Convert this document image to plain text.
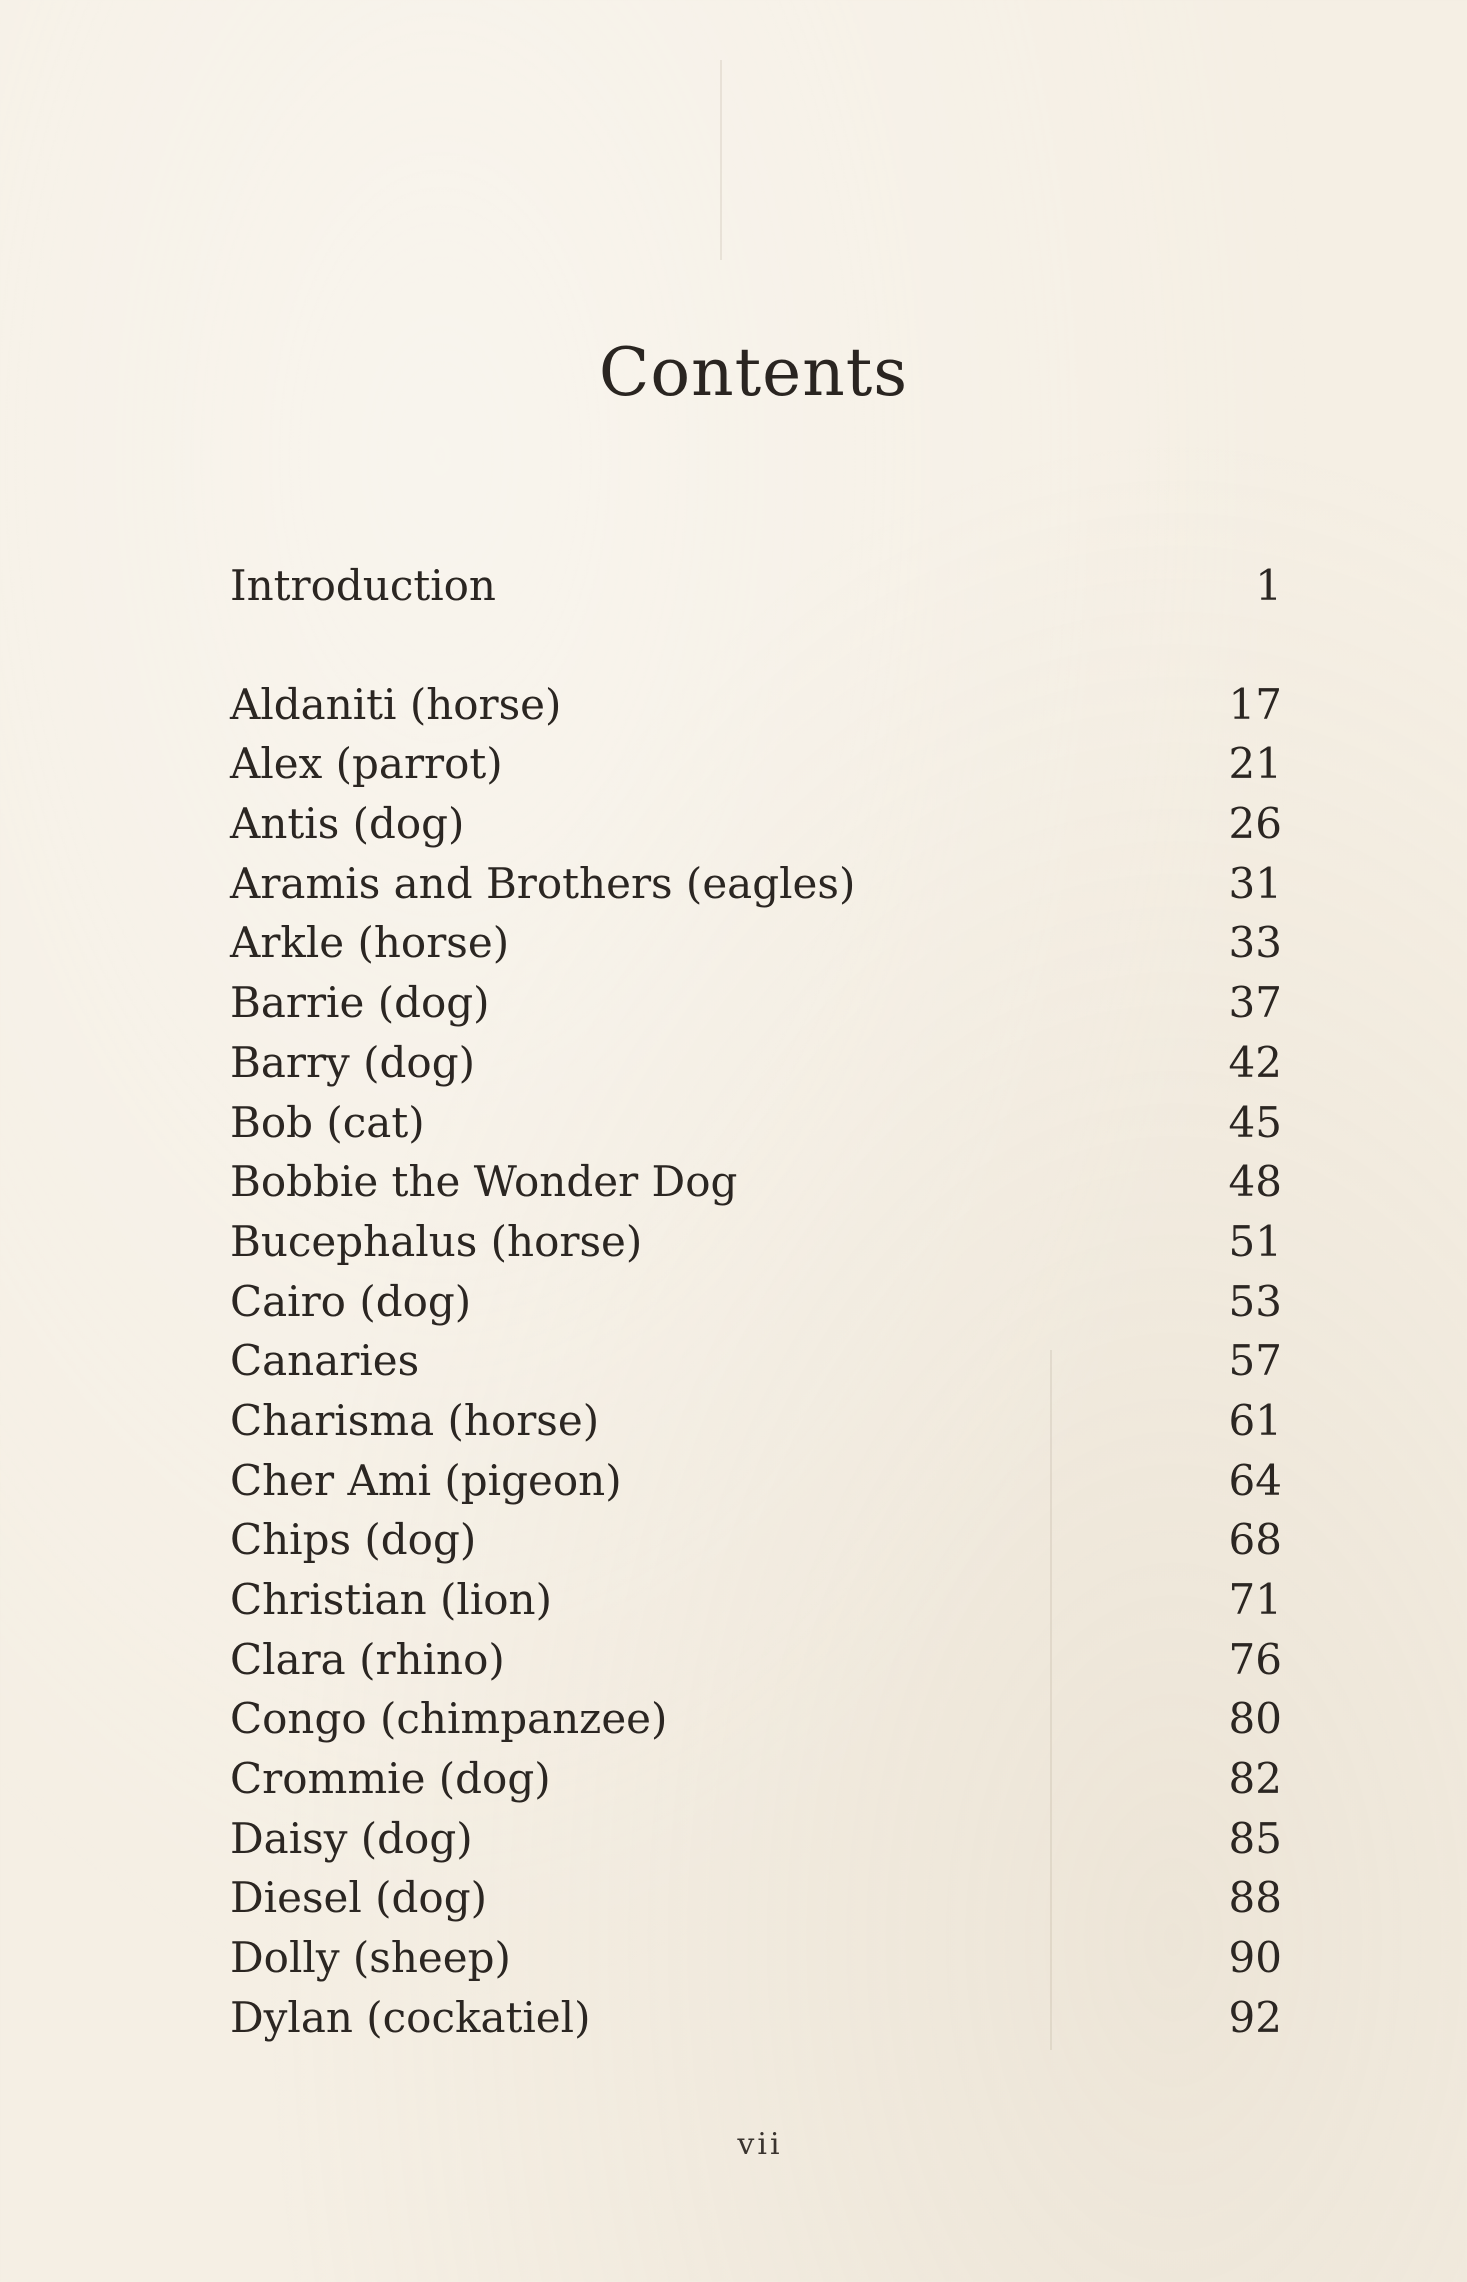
Contents
Introduction	1
Aldaniti (horse)	17
Alex (parrot)	21
Antis (dog)	26
Aramis and Brothers (eagles)	31
Arkle (horse)	33
Barrie (dog)	37
Barry (dog)	42
Bob (cat)	45
Bobbie the Wonder Dog	48
Bucephalus (horse)	51
Cairo (dog)	53
Canaries	57
Charisma (horse)	61
Cher Ami (pigeon)	64
Chips (dog)	68
Christian (lion)	71
Clara (rhino)	76
Congo (chimpanzee)	80
Crommie (dog)	82
Daisy (dog)	85
Diesel (dog)	88
Dolly (sheep)	90
Dylan (cockatiel)	92
vii
